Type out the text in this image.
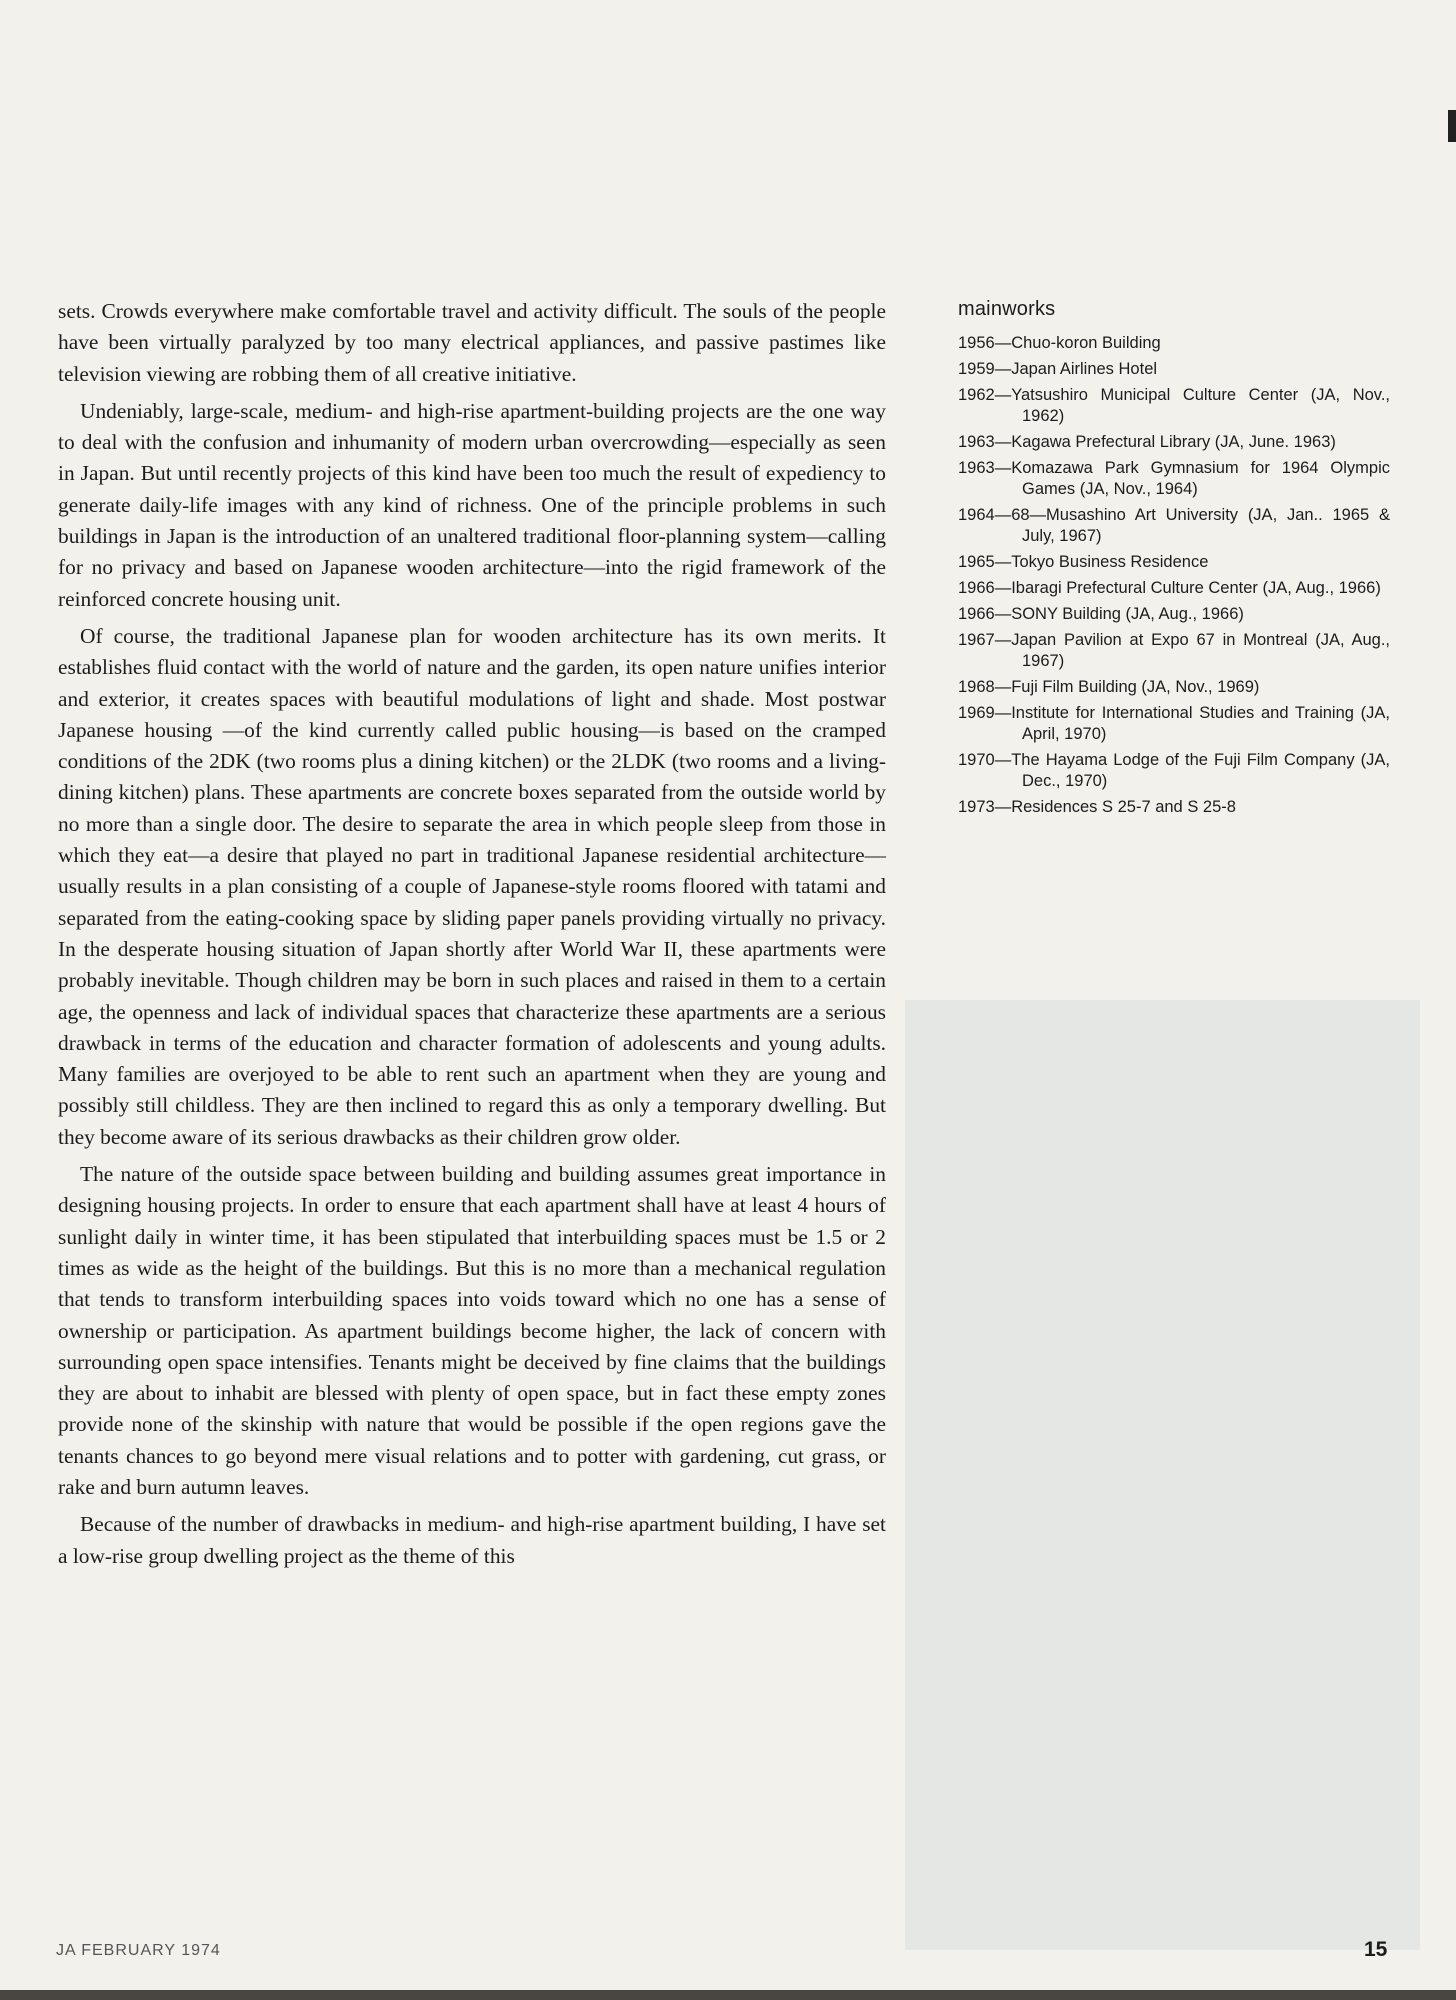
sets. Crowds everywhere make comfortable travel and activity difficult. The souls of the people have been virtually paralyzed by too many electrical appliances, and passive pastimes like television viewing are robbing them of all creative initiative.

Undeniably, large-scale, medium- and high-rise apartment-building projects are the one way to deal with the confusion and inhumanity of modern urban overcrowding—especially as seen in Japan. But until recently projects of this kind have been too much the result of expediency to generate daily-life images with any kind of richness. One of the principle problems in such buildings in Japan is the introduction of an unaltered traditional floor-planning system—calling for no privacy and based on Japanese wooden architecture—into the rigid framework of the reinforced concrete housing unit.

Of course, the traditional Japanese plan for wooden architecture has its own merits. It establishes fluid contact with the world of nature and the garden, its open nature unifies interior and exterior, it creates spaces with beautiful modulations of light and shade. Most postwar Japanese housing —of the kind currently called public housing—is based on the cramped conditions of the 2DK (two rooms plus a dining kitchen) or the 2LDK (two rooms and a living-dining kitchen) plans. These apartments are concrete boxes separated from the outside world by no more than a single door. The desire to separate the area in which people sleep from those in which they eat—a desire that played no part in traditional Japanese residential architecture—usually results in a plan consisting of a couple of Japanese-style rooms floored with tatami and separated from the eating-cooking space by sliding paper panels providing virtually no privacy. In the desperate housing situation of Japan shortly after World War II, these apartments were probably inevitable. Though children may be born in such places and raised in them to a certain age, the openness and lack of individual spaces that characterize these apartments are a serious drawback in terms of the education and character formation of adolescents and young adults. Many families are overjoyed to be able to rent such an apartment when they are young and possibly still childless. They are then inclined to regard this as only a temporary dwelling. But they become aware of its serious drawbacks as their children grow older.

The nature of the outside space between building and building assumes great importance in designing housing projects. In order to ensure that each apartment shall have at least 4 hours of sunlight daily in winter time, it has been stipulated that interbuilding spaces must be 1.5 or 2 times as wide as the height of the buildings. But this is no more than a mechanical regulation that tends to transform interbuilding spaces into voids toward which no one has a sense of ownership or participation. As apartment buildings become higher, the lack of concern with surrounding open space intensifies. Tenants might be deceived by fine claims that the buildings they are about to inhabit are blessed with plenty of open space, but in fact these empty zones provide none of the skinship with nature that would be possible if the open regions gave the tenants chances to go beyond mere visual relations and to potter with gardening, cut grass, or rake and burn autumn leaves.

Because of the number of drawbacks in medium- and high-rise apartment building, I have set a low-rise group dwelling project as the theme of this

mainworks
1956—Chuo-koron Building
1959—Japan Airlines Hotel
1962—Yatsushiro Municipal Culture Center (JA, Nov., 1962)
1963—Kagawa Prefectural Library (JA, June. 1963)
1963—Komazawa Park Gymnasium for 1964 Olympic Games (JA, Nov., 1964)
1964—68—Musashino Art University (JA, Jan.. 1965 & July, 1967)
1965—Tokyo Business Residence
1966—Ibaragi Prefectural Culture Center (JA, Aug., 1966)
1966—SONY Building (JA, Aug., 1966)
1967—Japan Pavilion at Expo 67 in Montreal (JA, Aug., 1967)
1968—Fuji Film Building (JA, Nov., 1969)
1969—Institute for International Studies and Training (JA, April, 1970)
1970—The Hayama Lodge of the Fuji Film Company (JA, Dec., 1970)
1973—Residences S 25-7 and S 25-8
JA FEBRUARY 1974	15
